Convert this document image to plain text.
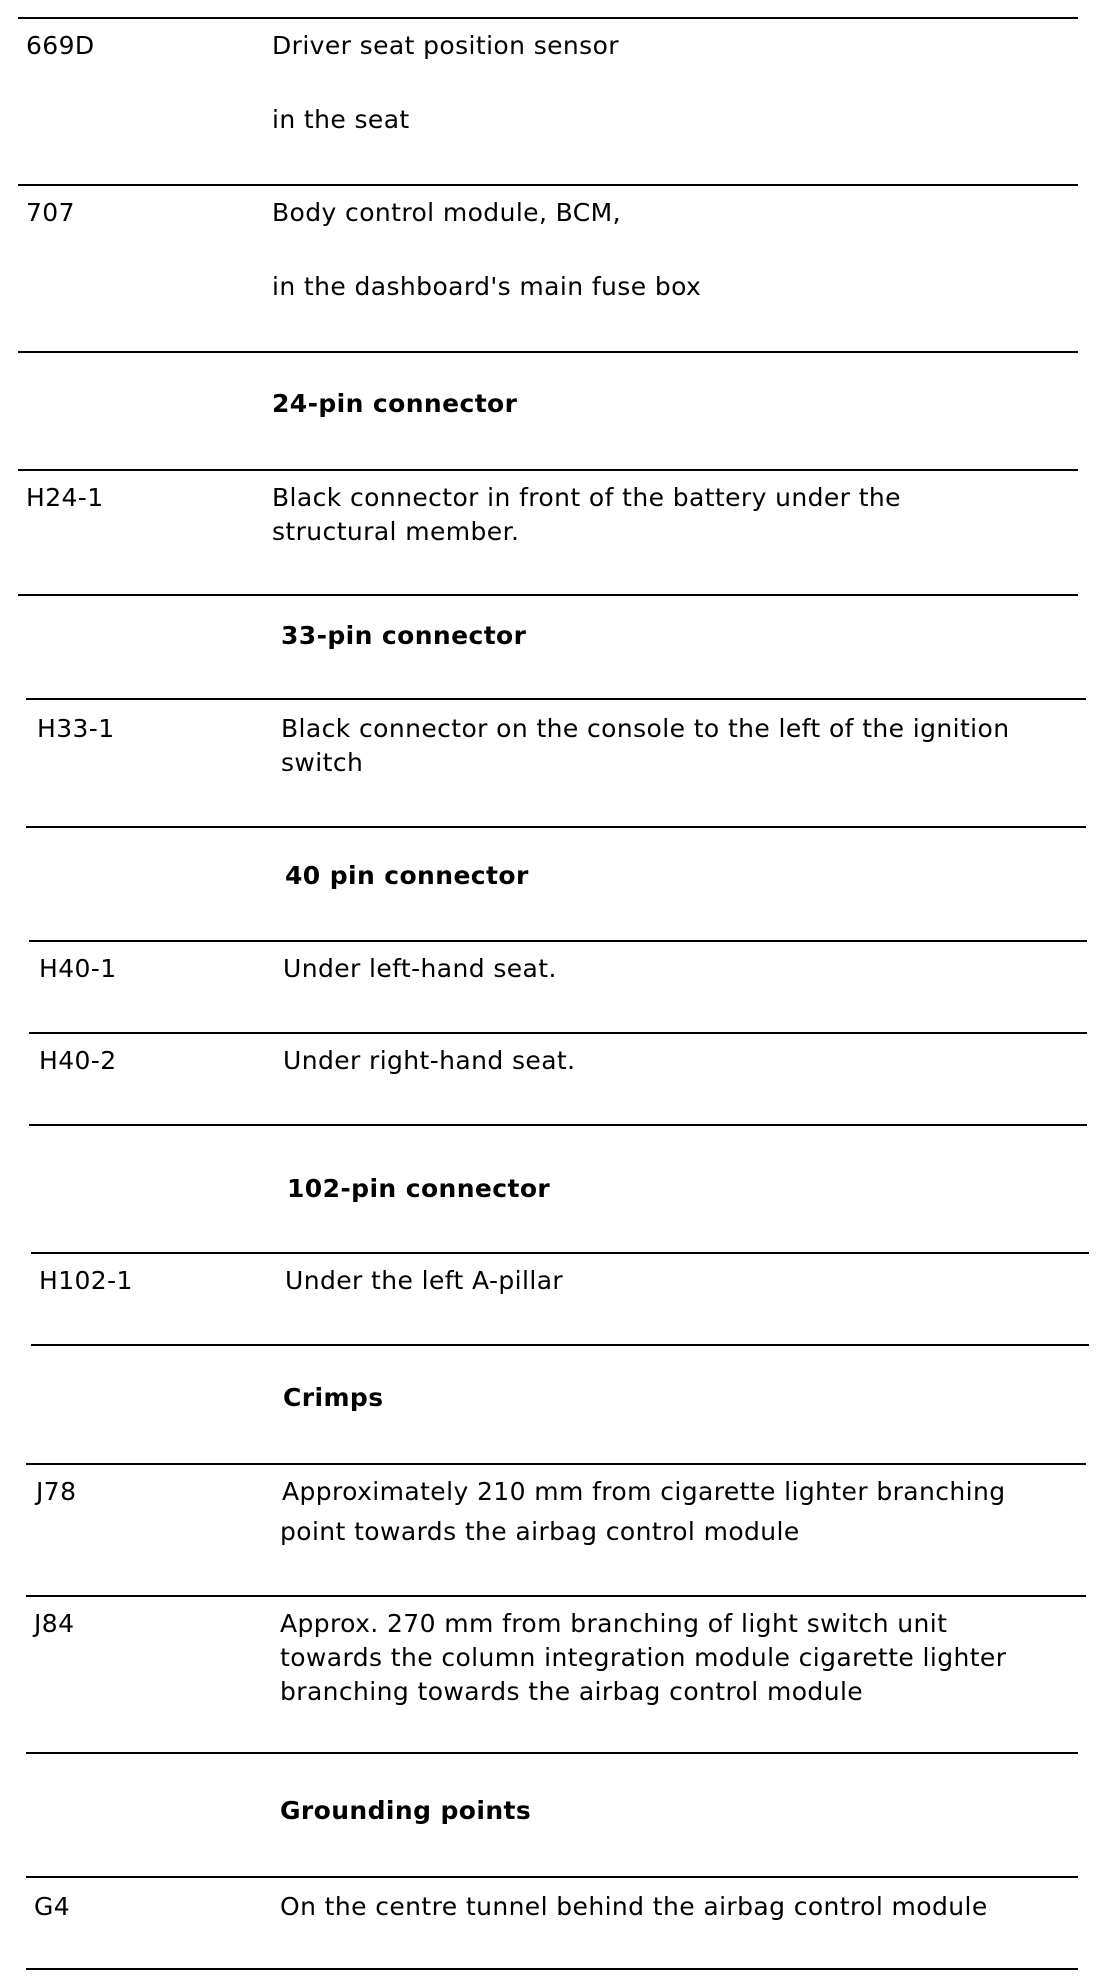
669D	Driver seat position sensor
in the seat
707	Body control module, BCM,
in the dashboard's main fuse box
24-pin connector
H24-1	Black connector in front of the battery under the
structural member.
33-pin connector
H33-1	Black connector on the console to the left of the ignition
switch
40 pin connector
H40-1	Under left-hand seat.
H40-2	Under right-hand seat.
102-pin connector
H102-1	Under the left A-pillar
Crimps
J78	Approximately 210 mm from cigarette lighter branching
point towards the airbag control module
J84	Approx. 270 mm from branching of light switch unit
towards the column integration module cigarette lighter
branching towards the airbag control module
Grounding points
G4	On the centre tunnel behind the airbag control module
